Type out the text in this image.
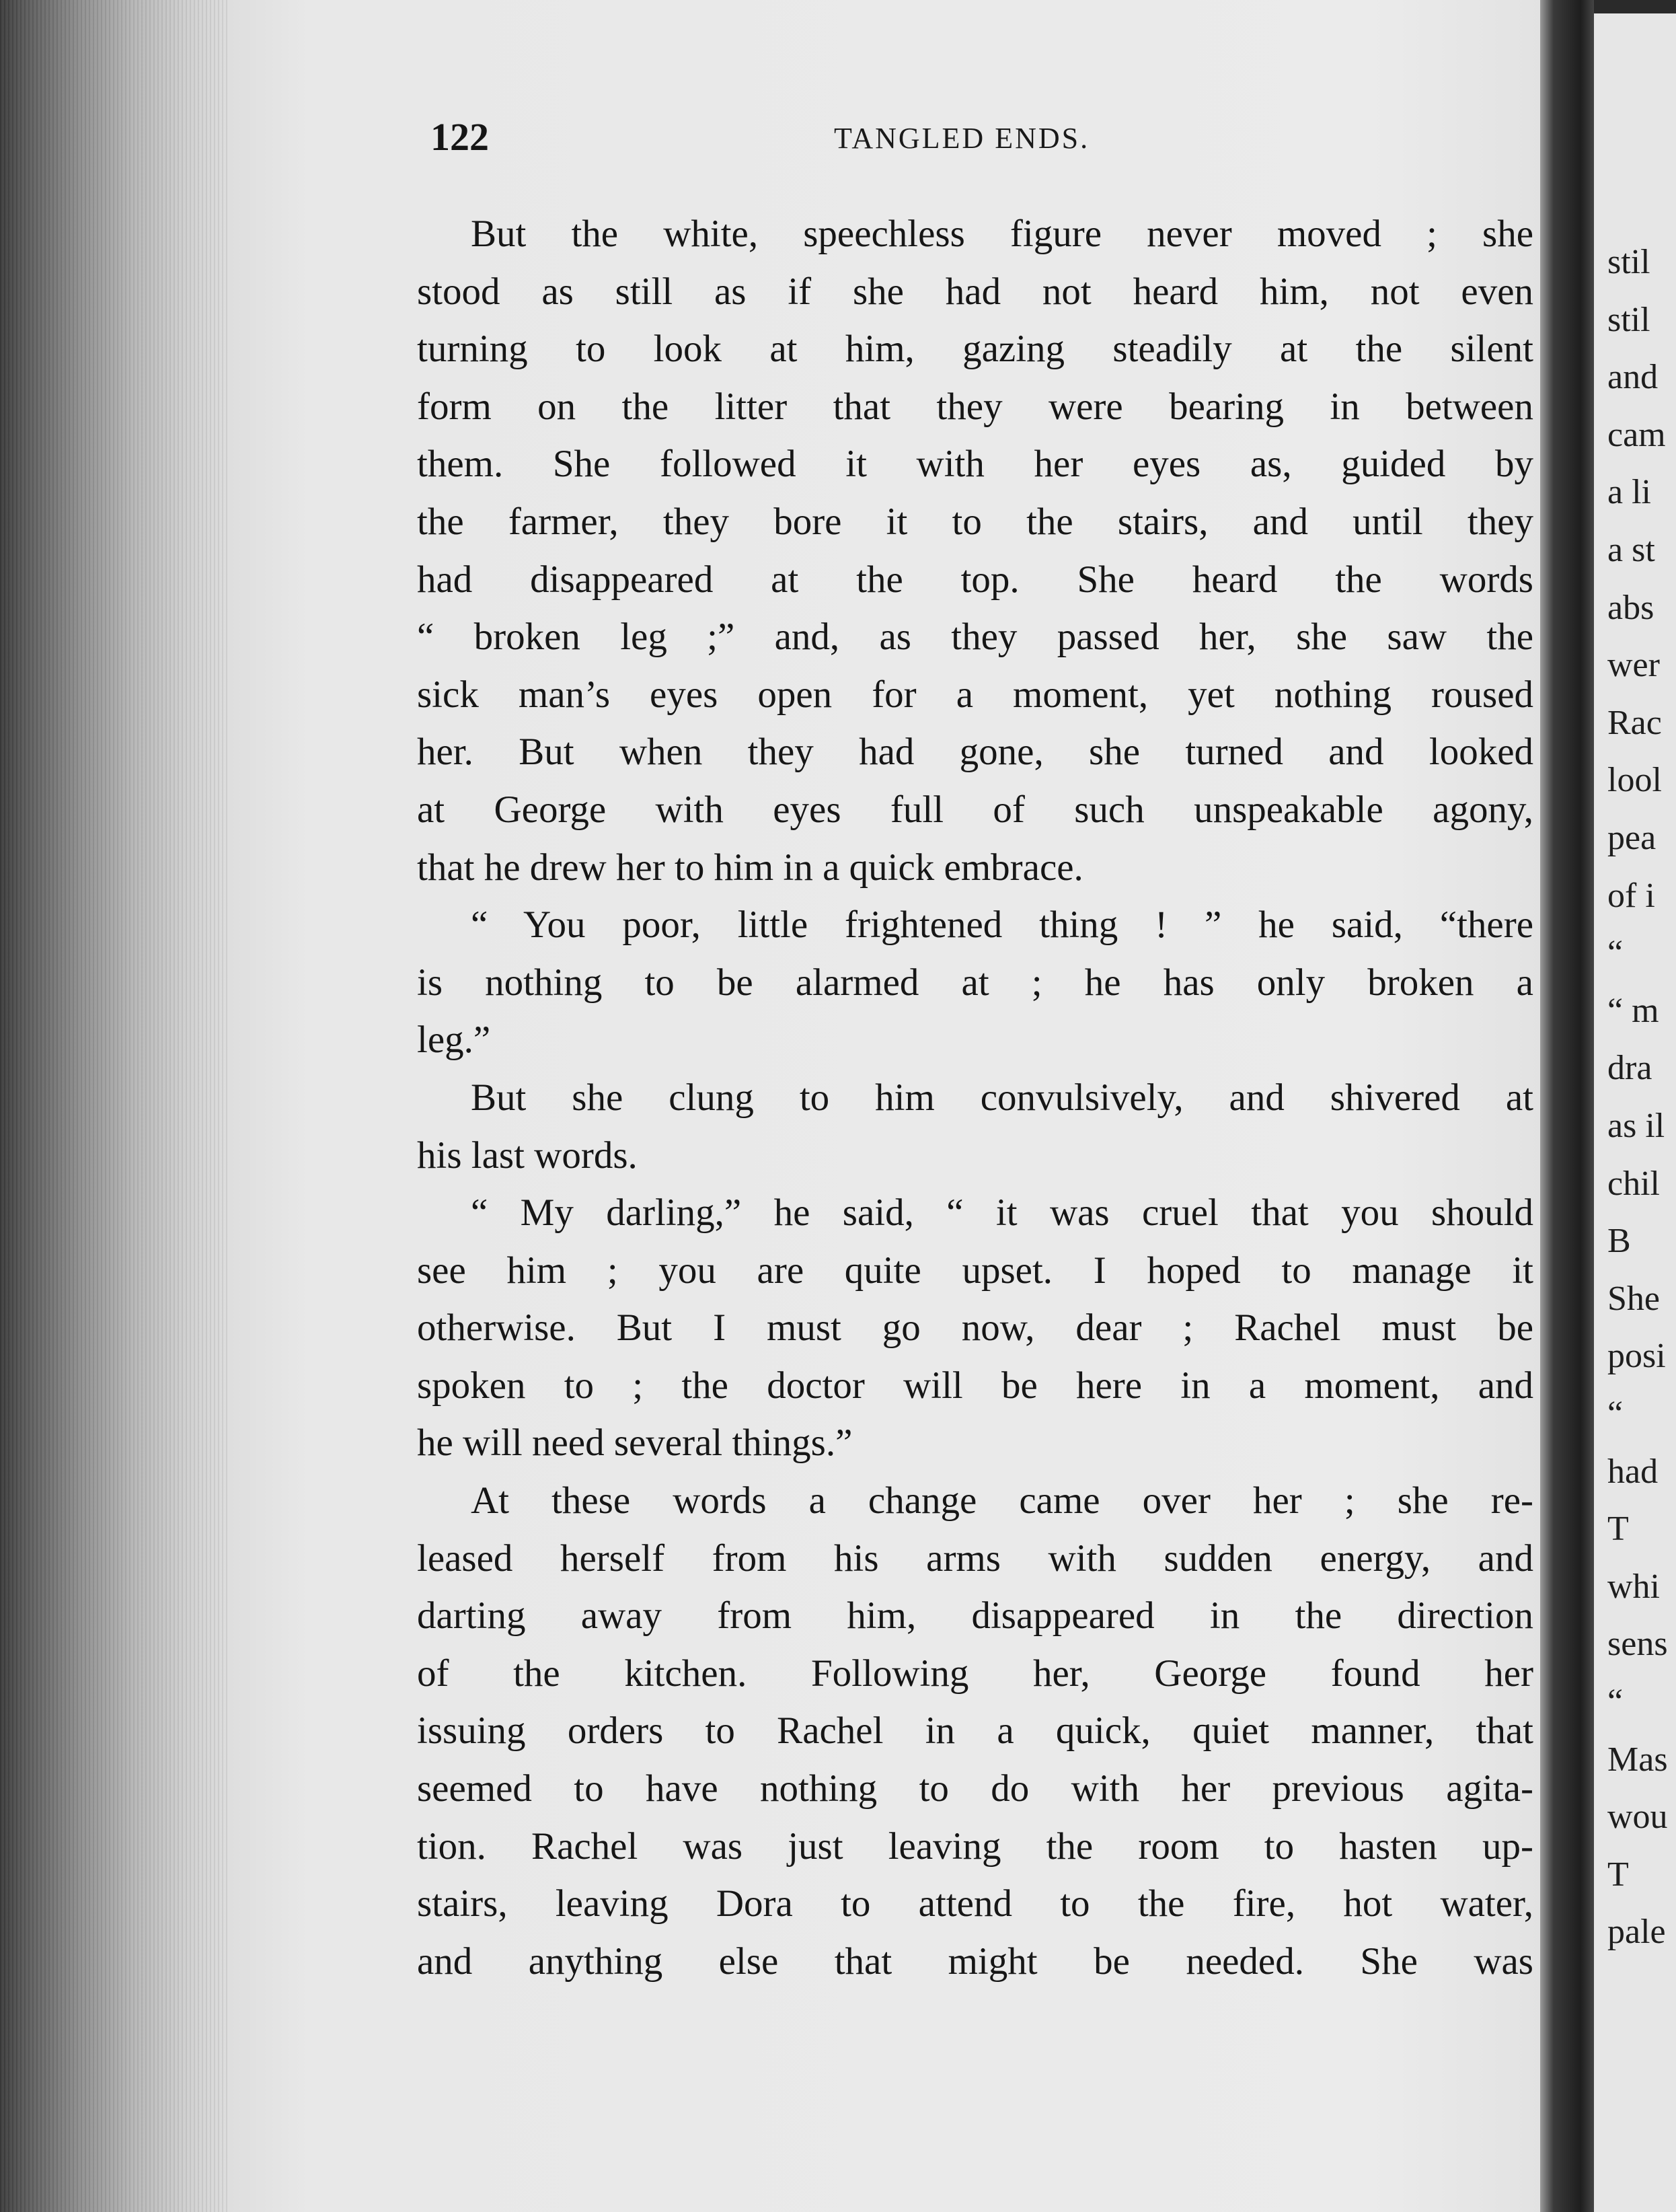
122	TANGLED ENDS.
But the white, speechless figure never moved ; she
stood as still as if she had not heard him, not even
turning to look at him, gazing steadily at the silent
form on the litter that they were bearing in between
them. She followed it with her eyes as, guided by
the farmer, they bore it to the stairs, and until they
had disappeared at the top. She heard the words
“ broken leg ;” and, as they passed her, she saw the
sick man’s eyes open for a moment, yet nothing roused
her. But when they had gone, she turned and looked
at George with eyes full of such unspeakable agony,
that he drew her to him in a quick embrace.
“ You poor, little frightened thing ! ” he said, “there
is nothing to be alarmed at ; he has only broken a
leg.”
But she clung to him convulsively, and shivered at
his last words.
“ My darling,” he said, “ it was cruel that you should
see him ; you are quite upset. I hoped to manage it
otherwise. But I must go now, dear ; Rachel must be
spoken to ; the doctor will be here in a moment, and
he will need several things.”
At these words a change came over her ; she re-
leased herself from his arms with sudden energy, and
darting away from him, disappeared in the direction
of the kitchen. Following her, George found her
issuing orders to Rachel in a quick, quiet manner, that
seemed to have nothing to do with her previous agita-
tion. Rachel was just leaving the room to hasten up-
stairs, leaving Dora to attend to the fire, hot water,
and anything else that might be needed. She was
stil
stil
and
cam
a li
a st
abs
wer
Rac
lool
pea
of i
“
“ m
dra
as il
chil
B
She
posi
“
had
T
whi
sens
“
Mas
wou
T
pale
